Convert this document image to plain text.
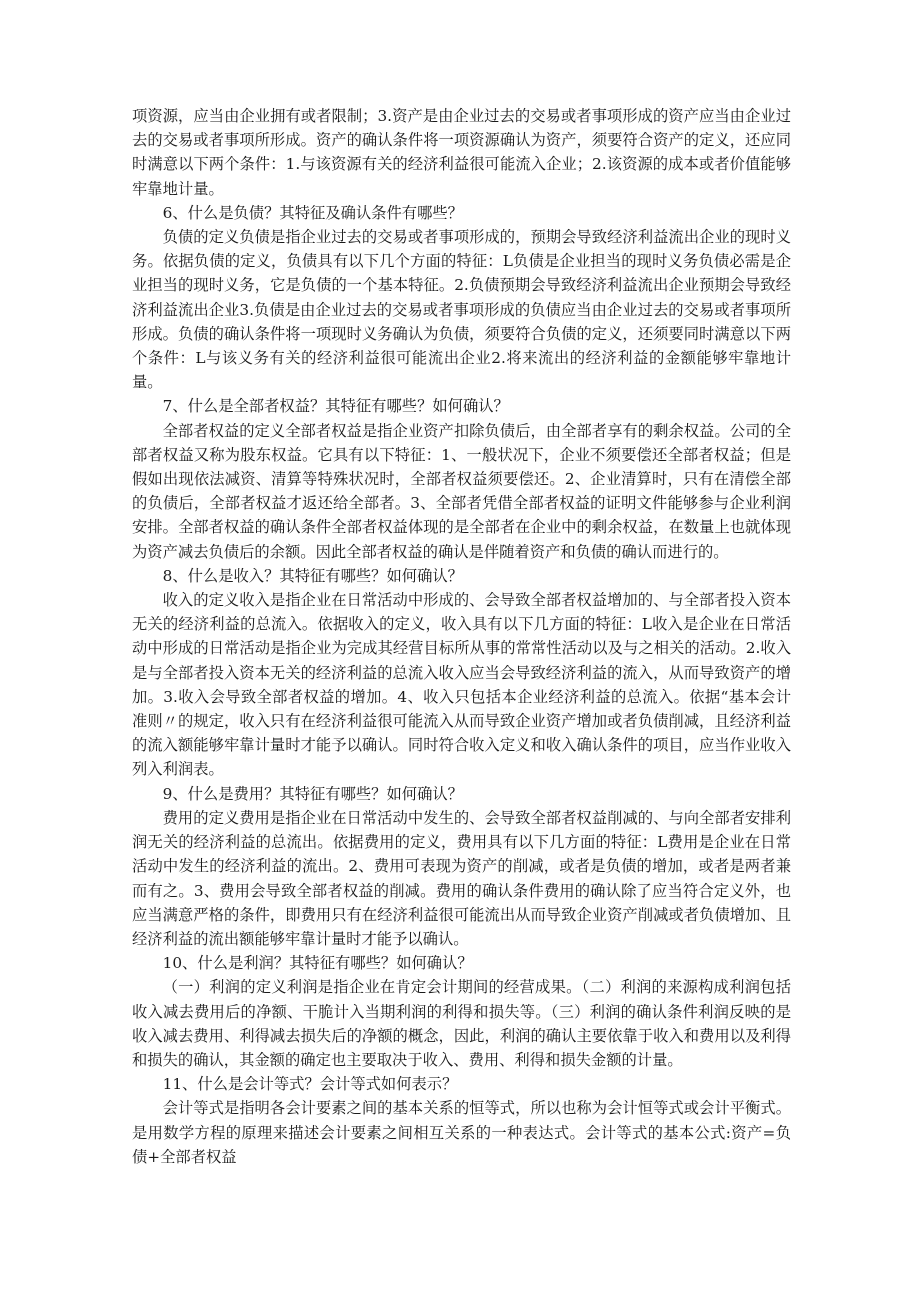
项资源，应当由企业拥有或者限制；3.资产是由企业过去的交易或者事项形成的资产应当由企业过去的交易或者事项所形成。资产的确认条件将一项资源确认为资产，须要符合资产的定义，还应同时满意以下两个条件：1.与该资源有关的经济利益很可能流入企业；2.该资源的成本或者价值能够牢靠地计量。

6、什么是负债？其特征及确认条件有哪些？

负债的定义负债是指企业过去的交易或者事项形成的，预期会导致经济利益流出企业的现时义务。依据负债的定义，负债具有以下几个方面的特征：L负债是企业担当的现时义务负债必需是企业担当的现时义务，它是负债的一个基本特征。2.负债预期会导致经济利益流出企业预期会导致经济利益流出企业3.负债是由企业过去的交易或者事项形成的负债应当由企业过去的交易或者事项所形成。负债的确认条件将一项现时义务确认为负债，须要符合负债的定义，还须要同时满意以下两个条件：L与该义务有关的经济利益很可能流出企业2.将来流出的经济利益的金额能够牢靠地计量。

7、什么是全部者权益？其特征有哪些？如何确认？

全部者权益的定义全部者权益是指企业资产扣除负债后，由全部者享有的剩余权益。公司的全部者权益又称为股东权益。它具有以下特征：1、一般状况下，企业不须要偿还全部者权益；但是假如出现依法减资、清算等特殊状况时，全部者权益须要偿还。2、企业清算时，只有在清偿全部的负债后，全部者权益才返还给全部者。3、全部者凭借全部者权益的证明文件能够参与企业利润安排。全部者权益的确认条件全部者权益体现的是全部者在企业中的剩余权益，在数量上也就体现为资产减去负债后的余额。因此全部者权益的确认是伴随着资产和负债的确认而进行的。

8、什么是收入？其特征有哪些？如何确认？

收入的定义收入是指企业在日常活动中形成的、会导致全部者权益增加的、与全部者投入资本无关的经济利益的总流入。依据收入的定义，收入具有以下几方面的特征：L收入是企业在日常活动中形成的日常活动是指企业为完成其经营目标所从事的常常性活动以及与之相关的活动。2.收入是与全部者投入资本无关的经济利益的总流入收入应当会导致经济利益的流入，从而导致资产的增加。3.收入会导致全部者权益的增加。4、收入只包括本企业经济利益的总流入。依据“基本会计准则〃的规定，收入只有在经济利益很可能流入从而导致企业资产增加或者负债削减，且经济利益的流入额能够牢靠计量时才能予以确认。同时符合收入定义和收入确认条件的项目，应当作业收入列入利润表。

9、什么是费用？其特征有哪些？如何确认？

费用的定义费用是指企业在日常活动中发生的、会导致全部者权益削减的、与向全部者安排利润无关的经济利益的总流出。依据费用的定义，费用具有以下几方面的特征：L费用是企业在日常活动中发生的经济利益的流出。2、费用可表现为资产的削减，或者是负债的增加，或者是两者兼而有之。3、费用会导致全部者权益的削减。费用的确认条件费用的确认除了应当符合定义外，也应当满意严格的条件，即费用只有在经济利益很可能流出从而导致企业资产削减或者负债增加、且经济利益的流出额能够牢靠计量时才能予以确认。

10、什么是利润？其特征有哪些？如何确认？

（一）利润的定义利润是指企业在肯定会计期间的经营成果。（二）利润的来源构成利润包括收入减去费用后的净额、干脆计入当期利润的利得和损失等。（三）利润的确认条件利润反映的是收入减去费用、利得减去损失后的净额的概念，因此，利润的确认主要依靠于收入和费用以及利得和损失的确认，其金额的确定也主要取决于收入、费用、利得和损失金额的计量。

11、什么是会计等式？会计等式如何表示？

会计等式是指明各会计要素之间的基本关系的恒等式，所以也称为会计恒等式或会计平衡式。是用数学方程的原理来描述会计要素之间相互关系的一种表达式。会计等式的基本公式:资产=负债+全部者权益
